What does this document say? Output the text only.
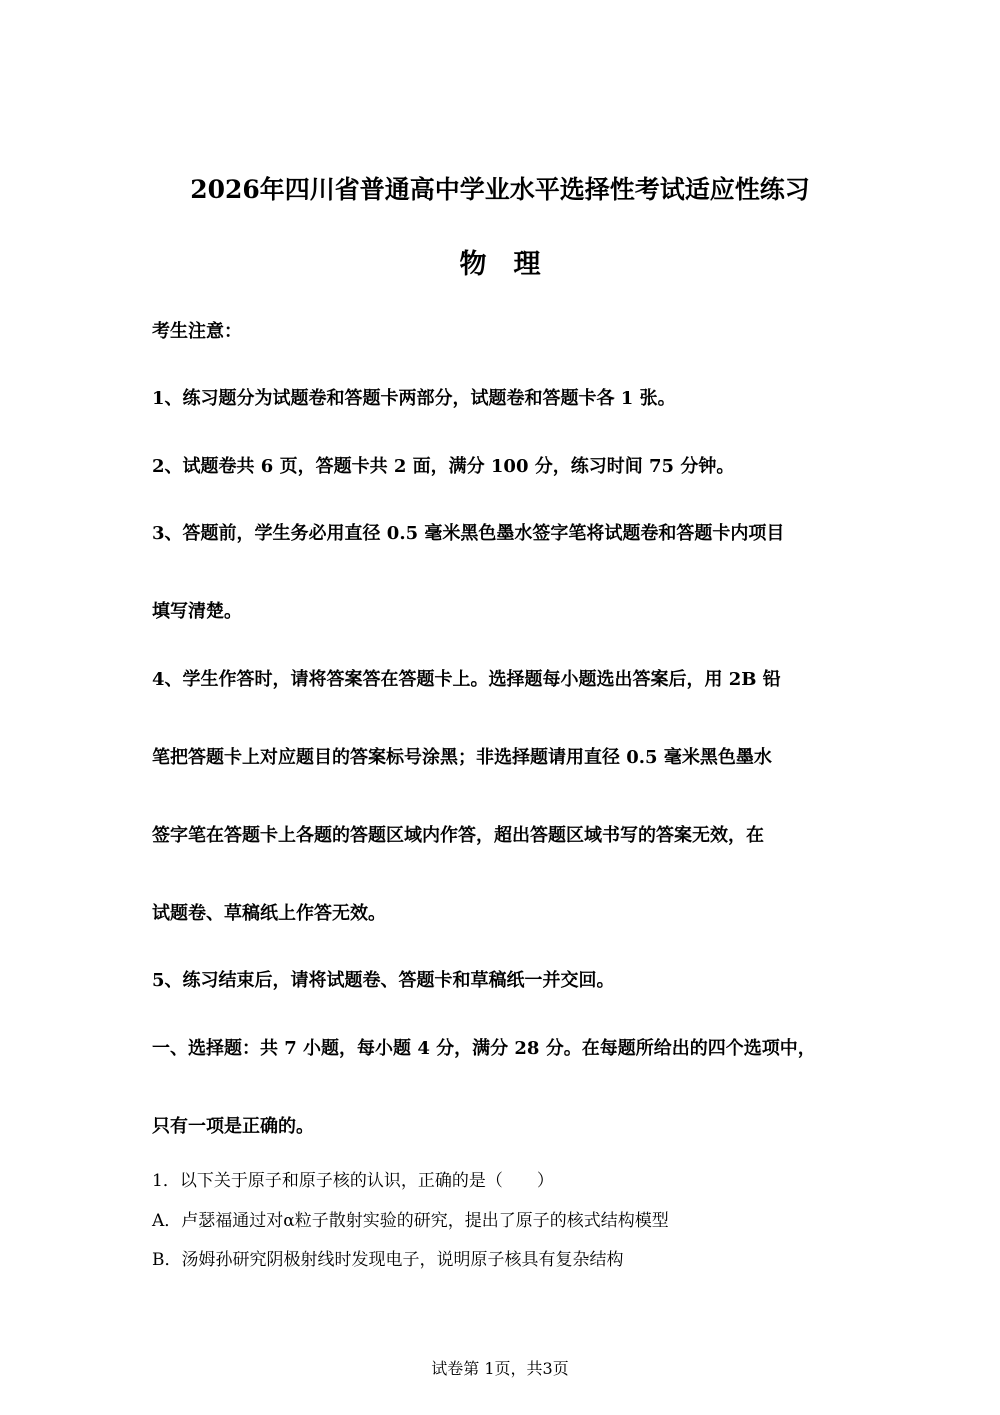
2026年四川省普通高中学业水平选择性考试适应性练习
物　理
考生注意：
1、练习题分为试题卷和答题卡两部分，试题卷和答题卡各 1 张。
2、试题卷共 6 页，答题卡共 2 面，满分 100 分，练习时间 75 分钟。
3、答题前，学生务必用直径 0.5 毫米黑色墨水签字笔将试题卷和答题卡内项目
填写清楚。
4、学生作答时，请将答案答在答题卡上。选择题每小题选出答案后，用 2B 铅
笔把答题卡上对应题目的答案标号涂黑；非选择题请用直径 0.5 毫米黑色墨水
签字笔在答题卡上各题的答题区域内作答，超出答题区域书写的答案无效，在
试题卷、草稿纸上作答无效。
5、练习结束后，请将试题卷、答题卡和草稿纸一并交回。
一、选择题：共 7 小题，每小题 4 分，满分 28 分。在每题所给出的四个选项中，
只有一项是正确的。
1．以下关于原子和原子核的认识，正确的是（　　）
A．卢瑟福通过对α粒子散射实验的研究，提出了原子的核式结构模型
B．汤姆孙研究阴极射线时发现电子，说明原子核具有复杂结构
试卷第 1页，共3页
